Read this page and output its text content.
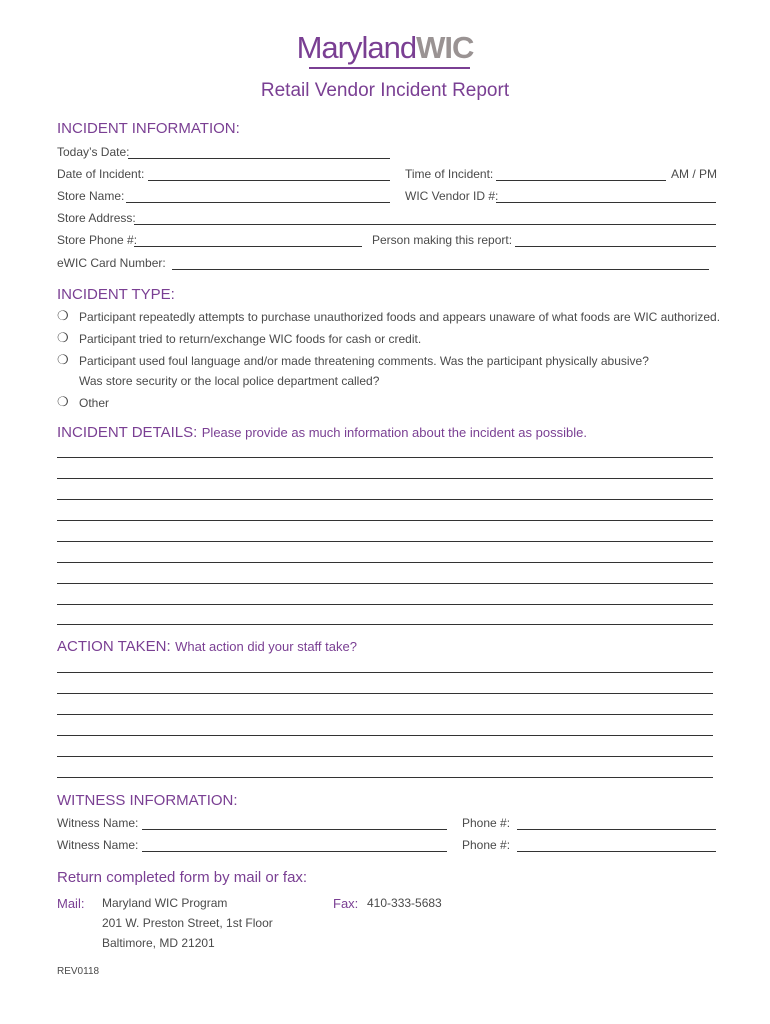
MarylandWIC
Retail Vendor Incident Report
INCIDENT INFORMATION:
Today’s Date:
Date of Incident:	Time of Incident:	AM / PM
Store Name:	WIC Vendor ID #:
Store Address:
Store Phone #:	Person making this report:
eWIC Card Number:
INCIDENT TYPE:
❍ Participant repeatedly attempts to purchase unauthorized foods and appears unaware of what foods are WIC authorized.
❍ Participant tried to return/exchange WIC foods for cash or credit.
❍ Participant used foul language and/or made threatening comments. Was the participant physically abusive?
Was store security or the local police department called?
❍ Other
INCIDENT DETAILS: Please provide as much information about the incident as possible.
ACTION TAKEN: What action did your staff take?
WITNESS INFORMATION:
Witness Name:	Phone #:
Witness Name:	Phone #:
Return completed form by mail or fax:
Mail: Maryland WIC Program
201 W. Preston Street, 1st Floor
Baltimore, MD 21201
Fax: 410-333-5683
REV0118
